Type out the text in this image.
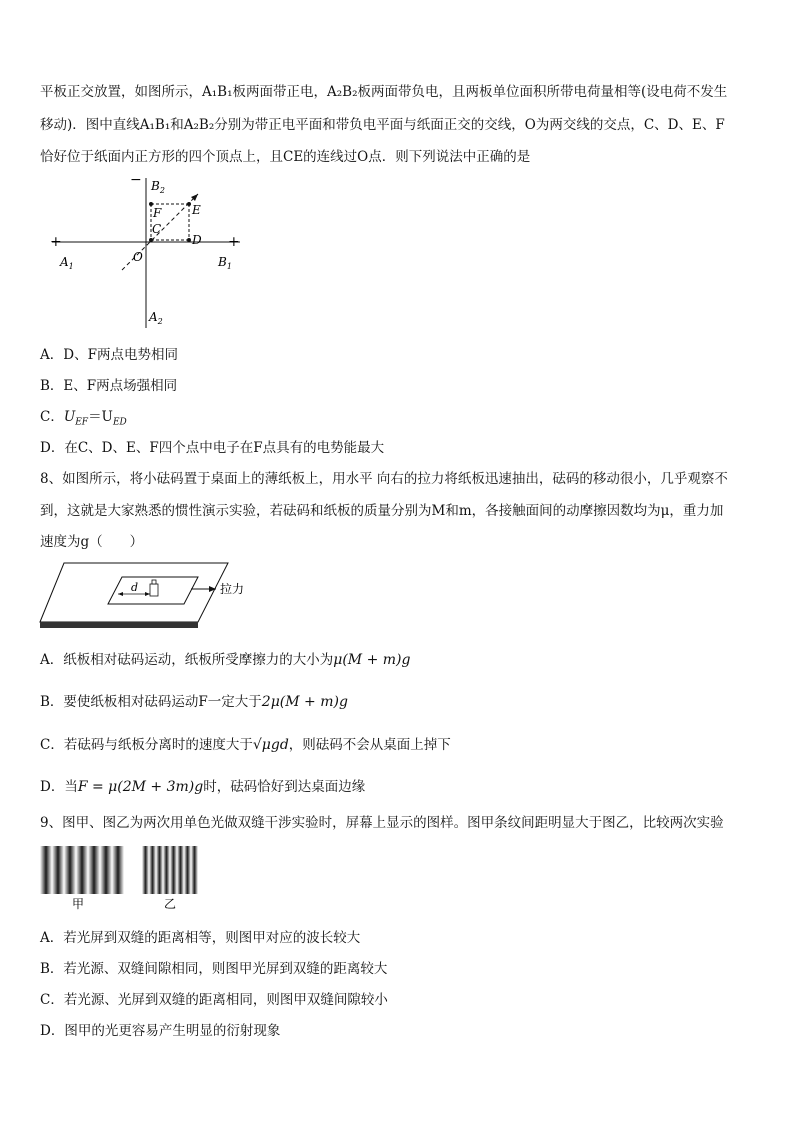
平板正交放置，如图所示，A₁B₁板两面带正电，A₂B₂板两面带负电，且两板单位面积所带电荷量相等(设电荷不发生
移动)．图中直线A₁B₁和A₂B₂分别为带正电平面和带负电平面与纸面正交的交线，O为两交线的交点，C、D、E、F
恰好位于纸面内正方形的四个顶点上，且CE的连线过O点．则下列说法中正确的是
− $B_2$
F	E
C
D
O
+	+
$A_1$	$B_1$
$A_2$
A．D、F两点电势相同
B．E、F两点场强相同
C．$U_{EF}=U_{ED}$
D．在C、D、E、F四个点中电子在F点具有的电势能最大
8、如图所示，将小砝码置于桌面上的薄纸板上，用水平 向右的拉力将纸板迅速抽出，砝码的移动很小，几乎观察不
到，这就是大家熟悉的惯性演示实验，若砝码和纸板的质量分别为M和m，各接触面间的动摩擦因数均为μ，重力加
速度为g（　　）
d	拉力
A．纸板相对砝码运动，纸板所受摩擦力的大小为μ(M + m)g
B．要使纸板相对砝码运动F一定大于2μ(M + m)g
C．若砝码与纸板分离时的速度大于√μgd，则砝码不会从桌面上掉下
D．当F = μ(2M + 3m)g时，砝码恰好到达桌面边缘
9、图甲、图乙为两次用单色光做双缝干涉实验时，屏幕上显示的图样。图甲条纹间距明显大于图乙，比较两次实验
甲	乙
A．若光屏到双缝的距离相等，则图甲对应的波长较大
B．若光源、双缝间隙相同，则图甲光屏到双缝的距离较大
C．若光源、光屏到双缝的距离相同，则图甲双缝间隙较小
D．图甲的光更容易产生明显的衍射现象
